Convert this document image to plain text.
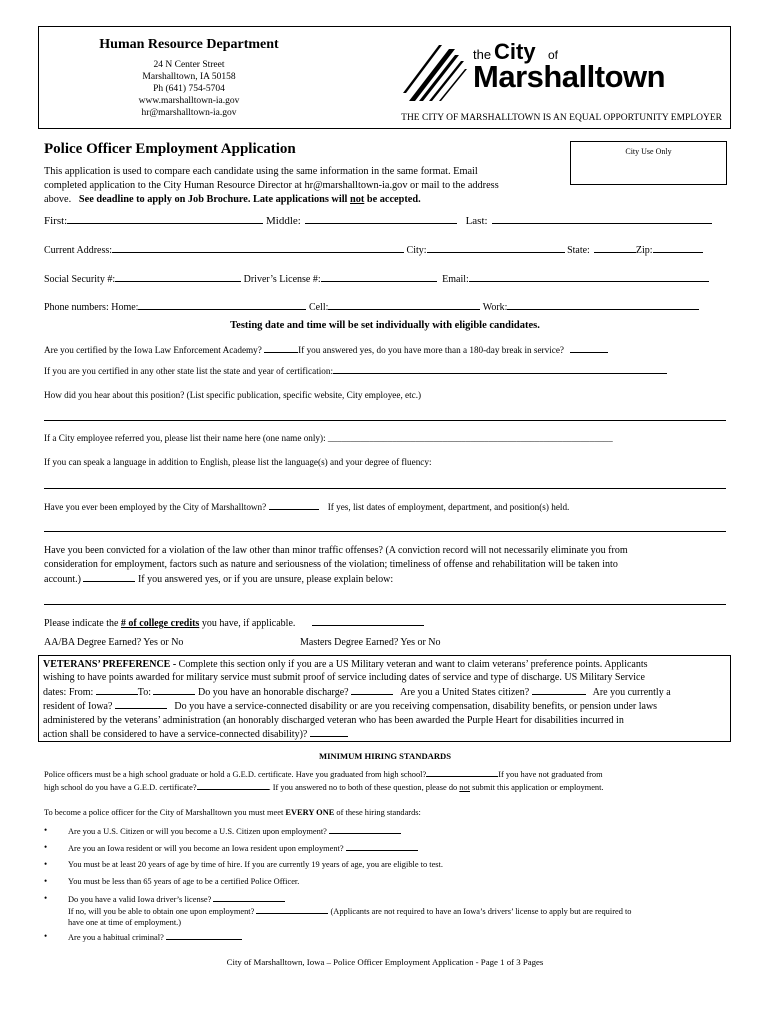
Human Resource Department
24 N Center Street
Marshalltown, IA 50158
Ph (641) 754-5704
www.marshalltown-ia.gov
hr@marshalltown-ia.gov
the City of
Marshalltown
THE CITY OF MARSHALLTOWN IS AN EQUAL OPPORTUNITY EMPLOYER
Police Officer Employment Application	City Use Only
This application is used to compare each candidate using the same information in the same format. Email
completed application to the City Human Resource Director at hr@marshalltown-ia.gov or mail to the address
above. See deadline to apply on Job Brochure. Late applications will not be accepted.
First:	Middle:	Last:
Current Address:	City:	State:	Zip:
Social Security #:	Driver’s License #:	Email:
Phone numbers: Home:	Cell:	Work:
Testing date and time will be set individually with eligible candidates.
Are you certified by the Iowa Law Enforcement Academy?	If you answered yes, do you have more than a 180-day break in service?
If you are you certified in any other state list the state and year of certification:
How did you hear about this position? (List specific publication, specific website, City employee, etc.)
If a City employee referred you, please list their name here (one name only): ______________________________________________________________
If you can speak a language in addition to English, please list the language(s) and your degree of fluency:
Have you ever been employed by the City of Marshalltown?	If yes, list dates of employment, department, and position(s) held.
Have you been convicted for a violation of the law other than minor traffic offenses? (A conviction record will not necessarily eliminate you from
consideration for employment, factors such as nature and seriousness of the violation; timeliness of offense and rehabilitation will be taken into
account.)	If you answered yes, or if you are unsure, please explain below:
Please indicate the # of college credits you have, if applicable.
AA/BA Degree Earned? Yes or No	Masters Degree Earned? Yes or No
VETERANS’ PREFERENCE - Complete this section only if you are a US Military veteran and want to claim veterans’ preference points. Applicants
wishing to have points awarded for military service must submit proof of service including dates of service and type of discharge. US Military Service
dates: From:	To:	Do you have an honorable discharge?	Are you a United States citizen?	Are you currently a
resident of Iowa?	Do you have a service-connected disability or are you receiving compensation, disability benefits, or pension under laws
administered by the veterans’ administration (an honorably discharged veteran who has been awarded the Purple Heart for disabilities incurred in
action shall be considered to have a service-connected disability)?
MINIMUM HIRING STANDARDS
Police officers must be a high school graduate or hold a G.E.D. certificate. Have you graduated from high school?	If you have not graduated from
high school do you have a G.E.D. certificate?	. If you answered no to both of these question, please do not submit this application or employment.
To become a police officer for the City of Marshalltown you must meet EVERY ONE of these hiring standards:
• Are you a U.S. Citizen or will you become a U.S. Citizen upon employment?
• Are you an Iowa resident or will you become an Iowa resident upon employment?
• You must be at least 20 years of age by time of hire. If you are currently 19 years of age, you are eligible to test.
• You must be less than 65 years of age to be a certified Police Officer.
• Do you have a valid Iowa driver’s license?
If no, will you be able to obtain one upon employment?	(Applicants are not required to have an Iowa’s drivers’ license to apply but are required to
have one at time of employment.)
• Are you a habitual criminal?
City of Marshalltown, Iowa – Police Officer Employment Application - Page 1 of 3 Pages
